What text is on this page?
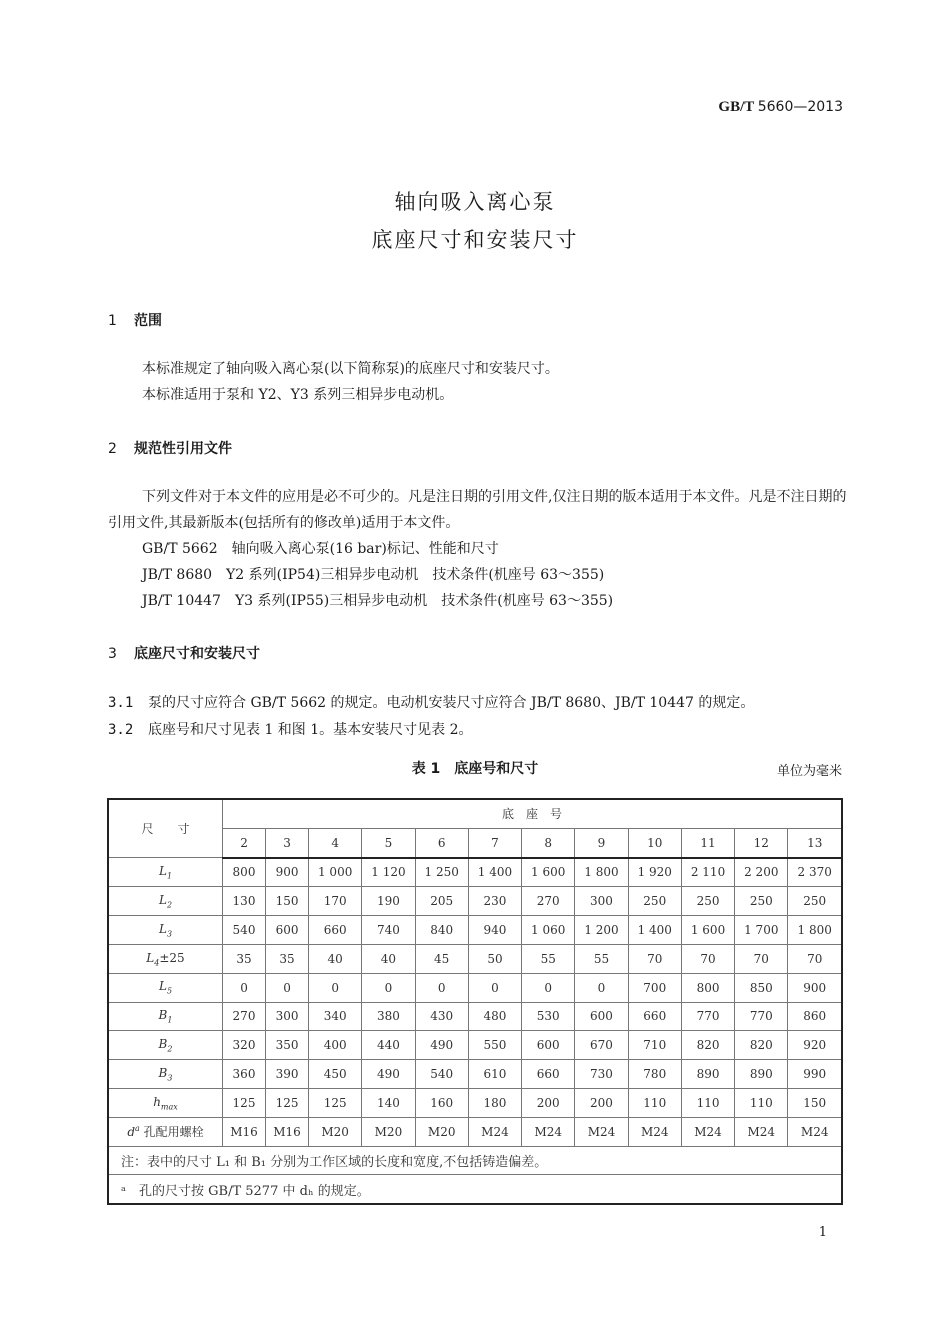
GB/T 5660—2013
轴向吸入离心泵
底座尺寸和安装尺寸
1 范围
本标准规定了轴向吸入离心泵(以下简称泵)的底座尺寸和安装尺寸。
本标准适用于泵和 Y2、Y3 系列三相异步电动机。
2 规范性引用文件
下列文件对于本文件的应用是必不可少的。凡是注日期的引用文件,仅注日期的版本适用于本文件。凡是不注日期的引用文件,其最新版本(包括所有的修改单)适用于本文件。
GB/T 5662　轴向吸入离心泵(16 bar)标记、性能和尺寸
JB/T 8680　Y2 系列(IP54)三相异步电动机　技术条件(机座号 63～355)
JB/T 10447　Y3 系列(IP55)三相异步电动机　技术条件(机座号 63～355)
3 底座尺寸和安装尺寸
3.1 泵的尺寸应符合 GB/T 5662 的规定。电动机安装尺寸应符合 JB/T 8680、JB/T 10447 的规定。
3.2 底座号和尺寸见表 1 和图 1。基本安装尺寸见表 2。
表 1　底座号和尺寸	单位为毫米
尺　　寸	底　座　号											
	2	3	4	5	6	7	8	9	10	11	12	13
$L_1$	800	900	1 000	1 120	1 250	1 400	1 600	1 800	1 920	2 110	2 200	2 370
$L_2$	130	150	170	190	205	230	270	300	250	250	250	250
$L_3$	540	600	660	740	840	940	1 060	1 200	1 400	1 600	1 700	1 800
$L_4\pm 25$	35	35	40	40	45	50	55	55	70	70	70	70
$L_5$	0	0	0	0	0	0	0	0	700	800	850	900
$B_1$	270	300	340	380	430	480	530	600	660	770	770	860
$B_2$	320	350	400	440	490	550	600	670	710	820	820	920
$B_3$	360	390	450	490	540	610	660	730	780	890	890	990
$h_{max}$	125	125	125	140	160	180	200	200	110	110	110	150
$d^a$ 孔配用螺栓	M16	M16	M20	M20	M20	M24	M24	M24	M24	M24	M24	M24
注：表中的尺寸 L₁ 和 B₁ 分别为工作区域的长度和宽度,不包括铸造偏差。												
ᵃ　孔的尺寸按 GB/T 5277 中 dₕ 的规定。												
1
